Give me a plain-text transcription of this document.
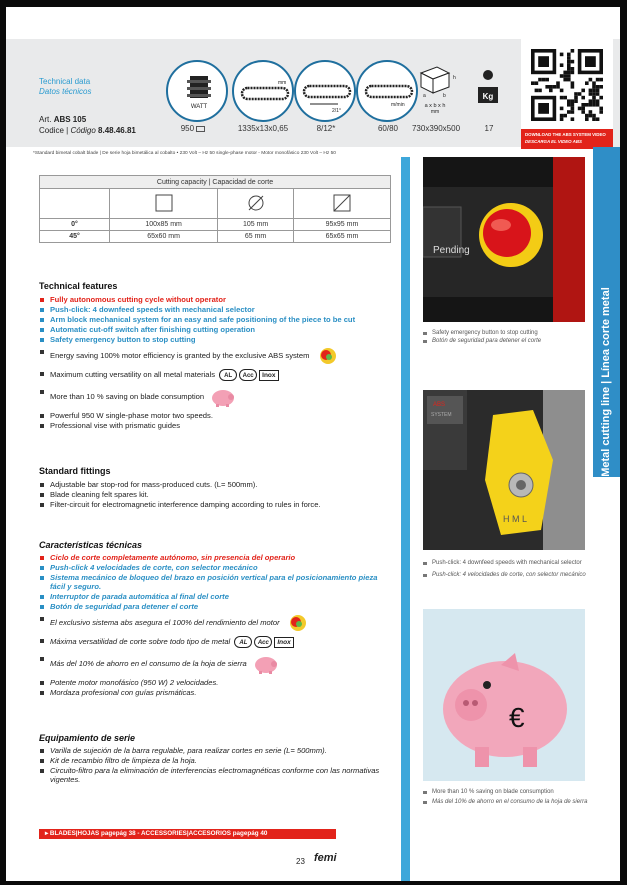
Technical data
Datos técnicos
Art. ABS 105
Codice | Código 8.48.46.81
WATT
mm
2/1°
m/min
h
a	b
a x b x h
mm
Kg
950	1335x13x0,65	8/12*	60/80	730x390x500	17
DOWNLOAD THE ABS SYSTEM VIDEO
DESCARGA EL VIDEO ABS
*Standard bimetal cobalt blade | De serie hoja bimetálica al cobalto • 230 Volt – Hz 50 single-phase motor - Motor monofásico 230 Volt – Hz 50
Cutting capacity | Capacidad de corte			

0°	100x85 mm	105 mm	95x95 mm
45°	65x60 mm	65 mm	65x65 mm
Metal cutting line | Línea corte metal
Technical features
Fully autonomous cutting cycle without operator
Push-click: 4 downfeed speeds with mechanical selector
Arm block mechanical system for an easy and safe positioning of the piece to be cut
Automatic cut-off switch after finishing cutting operation
Safety emergency button to stop cutting
Energy saving 100% motor efficiency is granted by the exclusive ABS system
Maximum cutting versatility on all metal materials AL Acc Inox
More than 10 % saving on blade consumption
Powerful 950 W single-phase motor two speeds.
Professional vise with prismatic guides
Standard fittings
Adjustable bar stop-rod for mass-produced cuts. (L= 500mm).
Blade cleaning felt spares kit.
Filter-circuit for electromagnetic interference damping according to rules in force.
Características técnicas
Ciclo de corte completamente autónomo, sin presencia del operario
Push-click 4 velocidades de corte, con selector mecánico
Sistema mecánico de bloqueo del brazo en posición vertical para el posicionamiento pieza fácil y seguro.
Interruptor de parada automática al final del corte
Botón de seguridad para detener el corte
El exclusivo sistema abs asegura el 100% del rendimiento del motor
Máxima versatilidad de corte sobre todo tipo de metal AL Acc Inox
Más del 10% de ahorro en el consumo de la hoja de sierra
Potente motor monofásico (950 W) 2 velocidades.
Mordaza profesional con guías prismáticas.
Equipamiento de serie
Varilla de sujeción de la barra regulable, para realizar cortes en serie (L= 500mm).
Kit de recambio filtro de limpieza de la hoja.
Circuito-filtro para la eliminación de interferencias electromagnéticas conforme con las normativas vigentes.
Pending
Safety emergency button to stop cutting
Botón de seguridad para detener el corte
ABS
SYSTEM
H M L
Push-click: 4 downfeed speeds with mechanical selector
Push-click: 4 velocidades de corte, con selector mecánico
€
More than 10 % saving on blade consumption
Más del 10% de ahorro en el consumo de la hoja de sierra
▸ BLADES|HOJAS pagepág 38 - ACCESSORIES|ACCESORIOS pagepág 40
23 femi
